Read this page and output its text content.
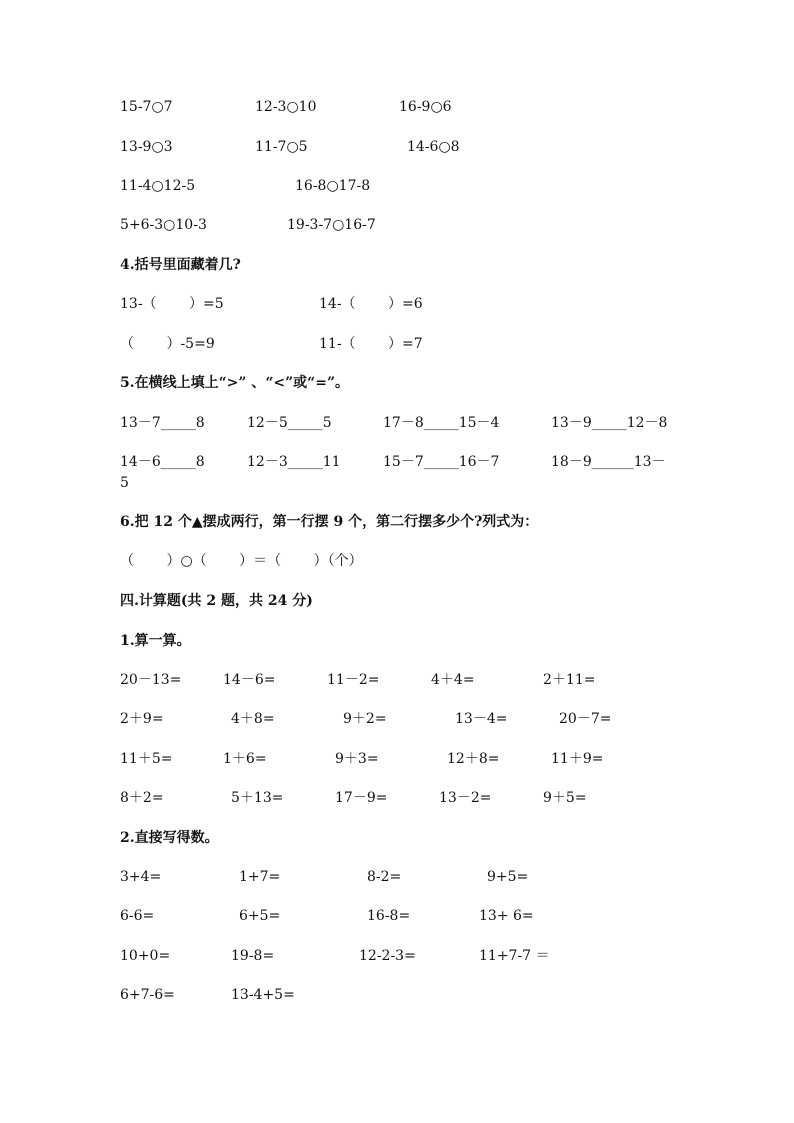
15-7○7	12-3○10	16-9○6
13-9○3	11-7○5	14-6○8
11-4○12-5	16-8○17-8
5+6-3○10-3	19-3-7○16-7
4.括号里面藏着几?
13-（　　 ）=5	14-（　　 ）=6
（　　 ）-5=9	11-（　　 ）=7
5.在横线上填上“>” 、“<”或“=”。
13－7_____8	12－5_____5	17－8_____15－4	13－9_____12－8
14－6_____8	12－3_____11	15－7_____16－7	18－9______13－
5
6.把 12 个▲摆成两行，第一行摆 9 个，第二行摆多少个?列式为：
（　　 ）○（　　 ）＝（　　 ）（个）
四.计算题(共 2 题，共 24 分)
1.算一算。
20－13=	14－6=	11－2=	4＋4=	2＋11=
2＋9=	4＋8=	9＋2=	13－4=	20－7=
11＋5=	1＋6=	9＋3=	12＋8=	11＋9=
8＋2=	5＋13=	17－9=	13－2=	9＋5=
2.直接写得数。
3+4=	1+7=	8-2=	9+5=
6-6=	6+5=	16-8=	13+ 6=
10+0=	19-8=	12-2-3=	11+7-7 ＝
6+7-6=	13-4+5=
